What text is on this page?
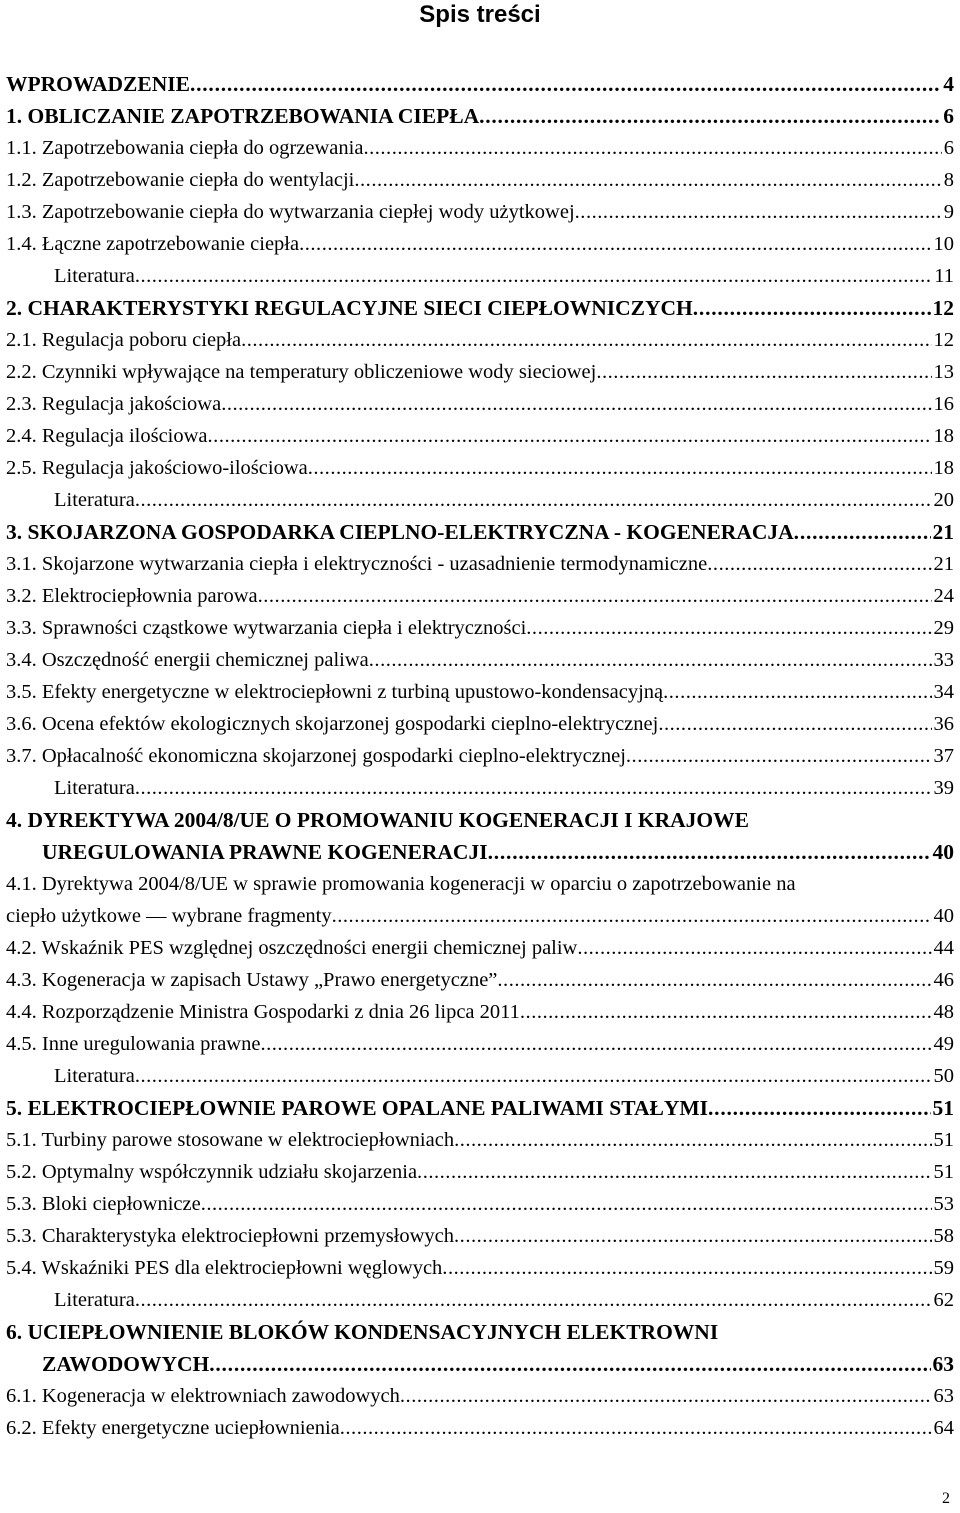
Spis treści
WPROWADZENIE . . .	4
1. OBLICZANIE ZAPOTRZEBOWANIA CIEPŁA . . .	6
1.1. Zapotrzebowania ciepła do ogrzewania . . .	6
1.2. Zapotrzebowanie ciepła do wentylacji . . .	8
1.3. Zapotrzebowanie ciepła do wytwarzania ciepłej wody użytkowej . . .	9
1.4. Łączne zapotrzebowanie ciepła . . .	10
Literatura . . .	11
2. CHARAKTERYSTYKI REGULACYJNE SIECI CIEPŁOWNICZYCH . . .	12
2.1. Regulacja poboru ciepła . . .	12
2.2. Czynniki wpływające na temperatury obliczeniowe wody sieciowej . . .	13
2.3. Regulacja jakościowa . . .	16
2.4. Regulacja ilościowa . . .	18
2.5. Regulacja jakościowo-ilościowa . . .	18
Literatura . . .	20
3. SKOJARZONA GOSPODARKA CIEPLNO-ELEKTRYCZNA - KOGENERACJA . . .	21
3.1. Skojarzone wytwarzania ciepła i elektryczności - uzasadnienie termodynamiczne . . .	21
3.2. Elektrociepłownia parowa . . .	24
3.3. Sprawności cząstkowe wytwarzania ciepła i elektryczności . . .	29
3.4. Oszczędność energii chemicznej paliwa . . .	33
3.5. Efekty energetyczne w elektrociepłowni z turbiną upustowo-kondensacyjną . . .	34
3.6. Ocena efektów ekologicznych skojarzonej gospodarki cieplno-elektrycznej . . .	36
3.7. Opłacalność ekonomiczna skojarzonej gospodarki cieplno-elektrycznej . . .	37
Literatura . . .	39
4. DYREKTYWA 2004/8/UE O PROMOWANIU KOGENERACJI I KRAJOWE
UREGULOWANIA PRAWNE KOGENERACJI . . .	40
4.1. Dyrektywa 2004/8/UE w sprawie promowania kogeneracji w oparciu o zapotrzebowanie na
ciepło użytkowe ― wybrane fragmenty . . .	40
4.2. Wskaźnik PES względnej oszczędności energii chemicznej paliw . . .	44
4.3. Kogeneracja w zapisach Ustawy „Prawo energetyczne” . . .	46
4.4. Rozporządzenie Ministra Gospodarki z dnia 26 lipca 2011 . . .	48
4.5. Inne uregulowania prawne . . .	49
Literatura . . .	50
5. ELEKTROCIEPŁOWNIE PAROWE OPALANE PALIWAMI STAŁYMI . . .	51
5.1. Turbiny parowe stosowane w elektrociepłowniach . . .	51
5.2. Optymalny współczynnik udziału skojarzenia . . .	51
5.3. Bloki ciepłownicze . . .	53
5.3. Charakterystyka elektrociepłowni przemysłowych . . .	58
5.4. Wskaźniki PES dla elektrociepłowni węglowych . . .	59
Literatura . . .	62
6. UCIEPŁOWNIENIE BLOKÓW KONDENSACYJNYCH ELEKTROWNI
ZAWODOWYCH . . .	63
6.1. Kogeneracja w elektrowniach zawodowych . . .	63
6.2. Efekty energetyczne uciepłownienia . . .	64
2
